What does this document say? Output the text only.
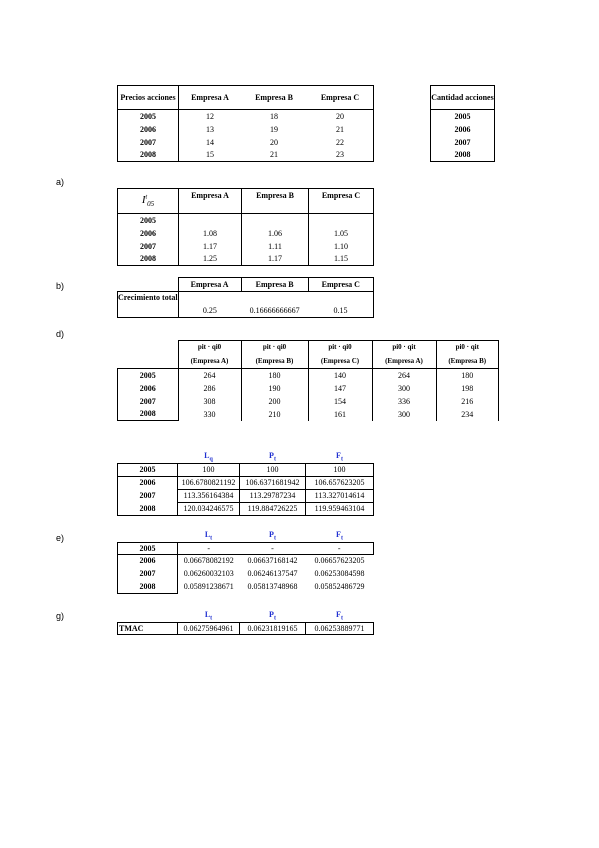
a)
b)
d)
e)
g)
Precios acciones	Empresa A	Empresa B	Empresa C
2005	12	18	20
2006	13	19	21
2007	14	20	22
2008	15	21	23
Cantidad acciones
2005
2006
2007
2008
$I^t_{05}$	Empresa A	Empresa B	Empresa C
2005			
2006	1.08	1.06	1.05
2007	1.17	1.11	1.10
2008	1.25	1.17	1.15
	Empresa A	Empresa B	Empresa C
Crecimiento total	0.25	0.16666666667	0.15
	pit · qi0	pit · qi0	pit · qi0	pi0 · qit	pi0 · qit
	(Empresa A)	(Empresa B)	(Empresa C)	(Empresa A)	(Empresa B)
2005	264	180	140	264	180
2006	286	190	147	300	198
2007	308	200	154	336	216
2008	330	210	161	300	234
	$L_q$	$P_t$	$F_t$
2005	100	100	100
2006	106.6780821192	106.6371681942	106.657623205
2007	113.356164384	113.29787234	113.327014614
2008	120.034246575	119.884726225	119.959463104
	$L_t$	$P_t$	$F_t$
2005	-	-	-
2006	0.06678082192	0.06637168142	0.06657623205
2007	0.06260032103	0.06246137547	0.06253084598
2008	0.05891238671	0.05813748968	0.05852486729
	$L_t$	$P_t$	$F_t$
TMAC	0.06275964961	0.06231819165	0.06253889771
